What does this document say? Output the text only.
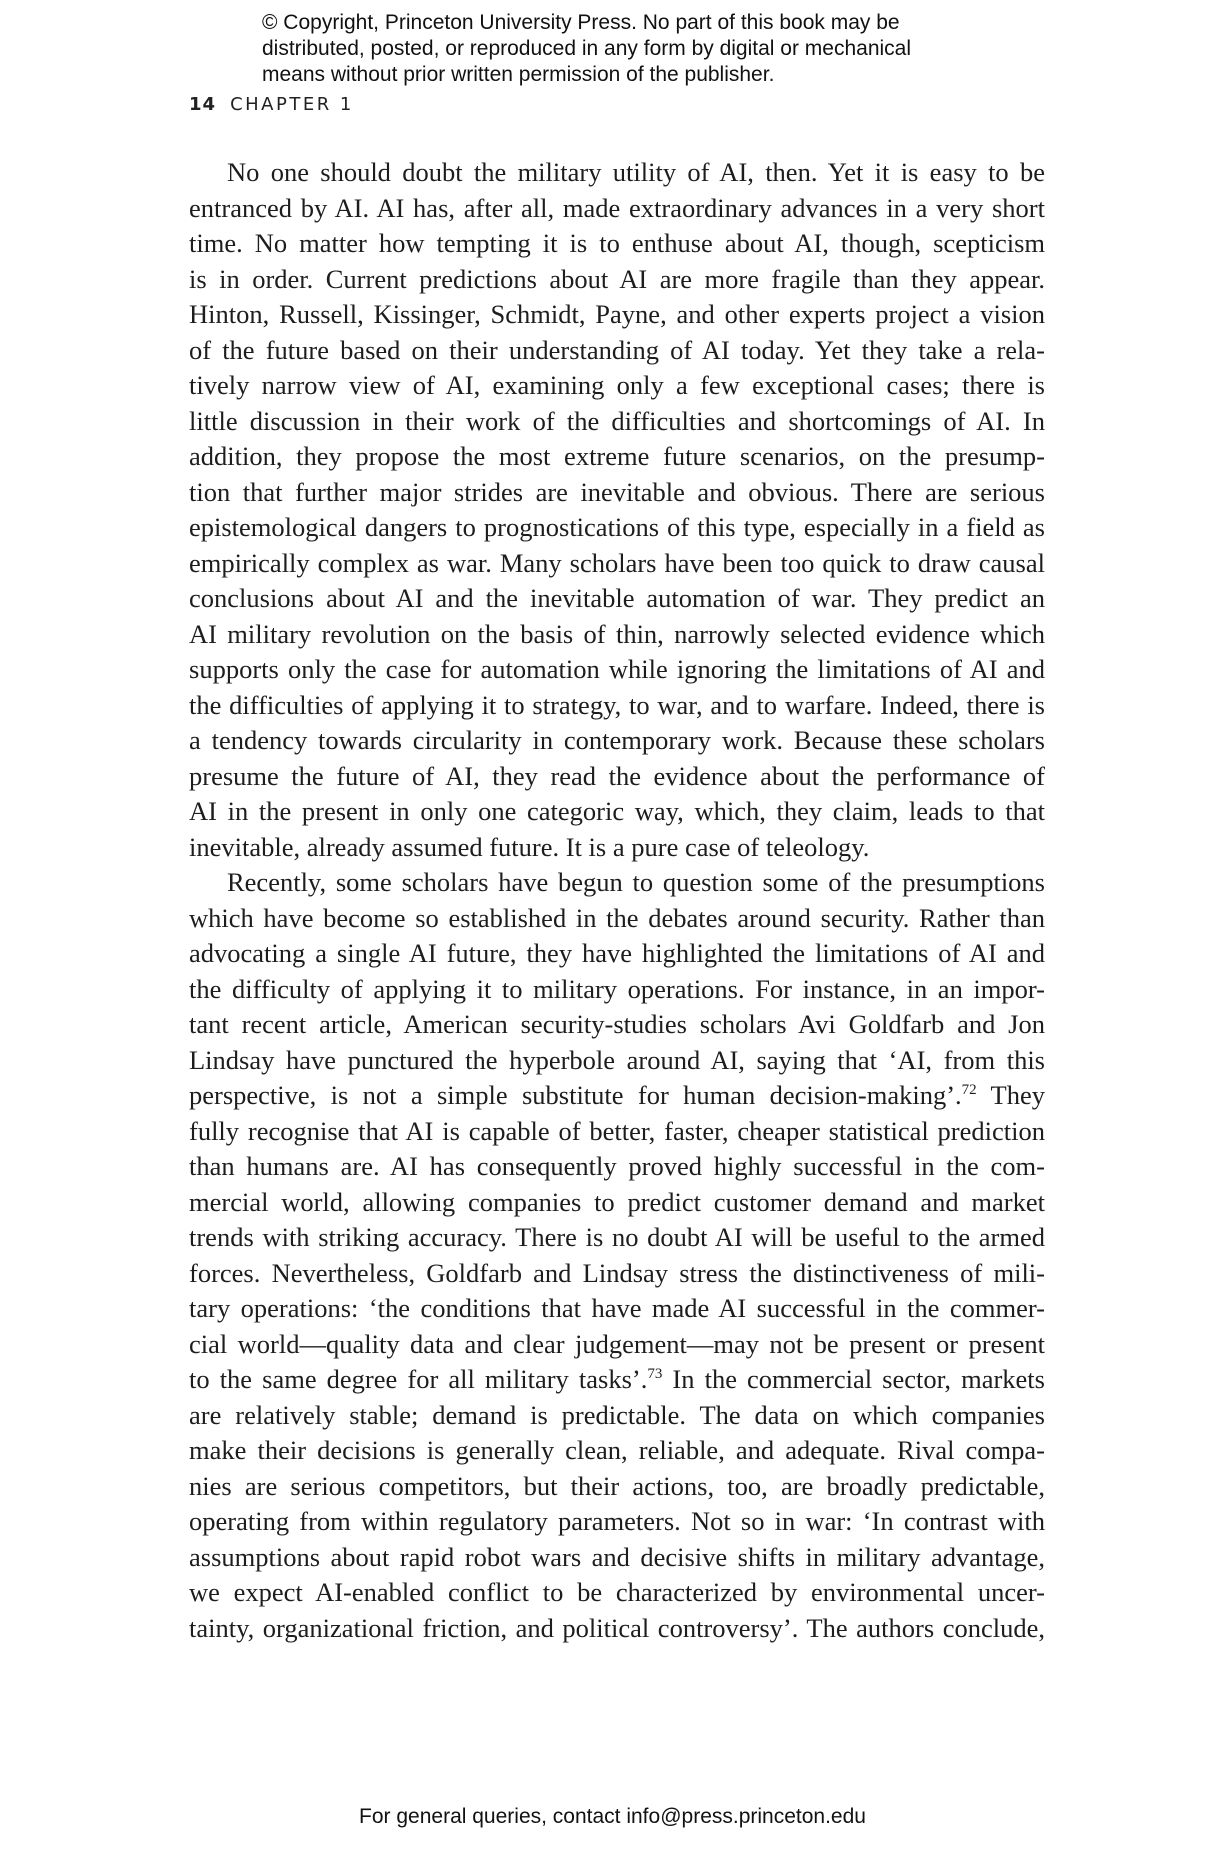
© Copyright, Princeton University Press. No part of this book may be
distributed, posted, or reproduced in any form by digital or mechanical
means without prior written permission of the publisher.
14 CHAPTER 1
No one should doubt the military utility of AI, then. Yet it is easy to be
entranced by AI. AI has, after all, made extraordinary advances in a very short
time. No matter how tempting it is to enthuse about AI, though, scepticism
is in order. Current predictions about AI are more fragile than they appear.
Hinton, Russell, Kissinger, Schmidt, Payne, and other experts project a vision
of the future based on their understanding of AI today. Yet they take a rela-
tively narrow view of AI, examining only a few exceptional cases; there is
little discussion in their work of the difficulties and shortcomings of AI. In
addition, they propose the most extreme future scenarios, on the presump-
tion that further major strides are inevitable and obvious. There are serious
epistemological dangers to prognostications of this type, especially in a field as
empirically complex as war. Many scholars have been too quick to draw causal
conclusions about AI and the inevitable automation of war. They predict an
AI military revolution on the basis of thin, narrowly selected evidence which
supports only the case for automation while ignoring the limitations of AI and
the difficulties of applying it to strategy, to war, and to warfare. Indeed, there is
a tendency towards circularity in contemporary work. Because these scholars
presume the future of AI, they read the evidence about the performance of
AI in the present in only one categoric way, which, they claim, leads to that
inevitable, already assumed future. It is a pure case of teleology.
Recently, some scholars have begun to question some of the presumptions
which have become so established in the debates around security. Rather than
advocating a single AI future, they have highlighted the limitations of AI and
the difficulty of applying it to military operations. For instance, in an impor-
tant recent article, American security-studies scholars Avi Goldfarb and Jon
Lindsay have punctured the hyperbole around AI, saying that ‘AI, from this
perspective, is not a simple substitute for human decision-making’.$^{72}$ They
fully recognise that AI is capable of better, faster, cheaper statistical prediction
than humans are. AI has consequently proved highly successful in the com-
mercial world, allowing companies to predict customer demand and market
trends with striking accuracy. There is no doubt AI will be useful to the armed
forces. Nevertheless, Goldfarb and Lindsay stress the distinctiveness of mili-
tary operations: ‘the conditions that have made AI successful in the commer-
cial world—quality data and clear judgement—may not be present or present
to the same degree for all military tasks’.$^{73}$ In the commercial sector, markets
are relatively stable; demand is predictable. The data on which companies
make their decisions is generally clean, reliable, and adequate. Rival compa-
nies are serious competitors, but their actions, too, are broadly predictable,
operating from within regulatory parameters. Not so in war: ‘In contrast with
assumptions about rapid robot wars and decisive shifts in military advantage,
we expect AI-enabled conflict to be characterized by environmental uncer-
tainty, organizational friction, and political controversy’. The authors conclude,
For general queries, contact info@press.princeton.edu
